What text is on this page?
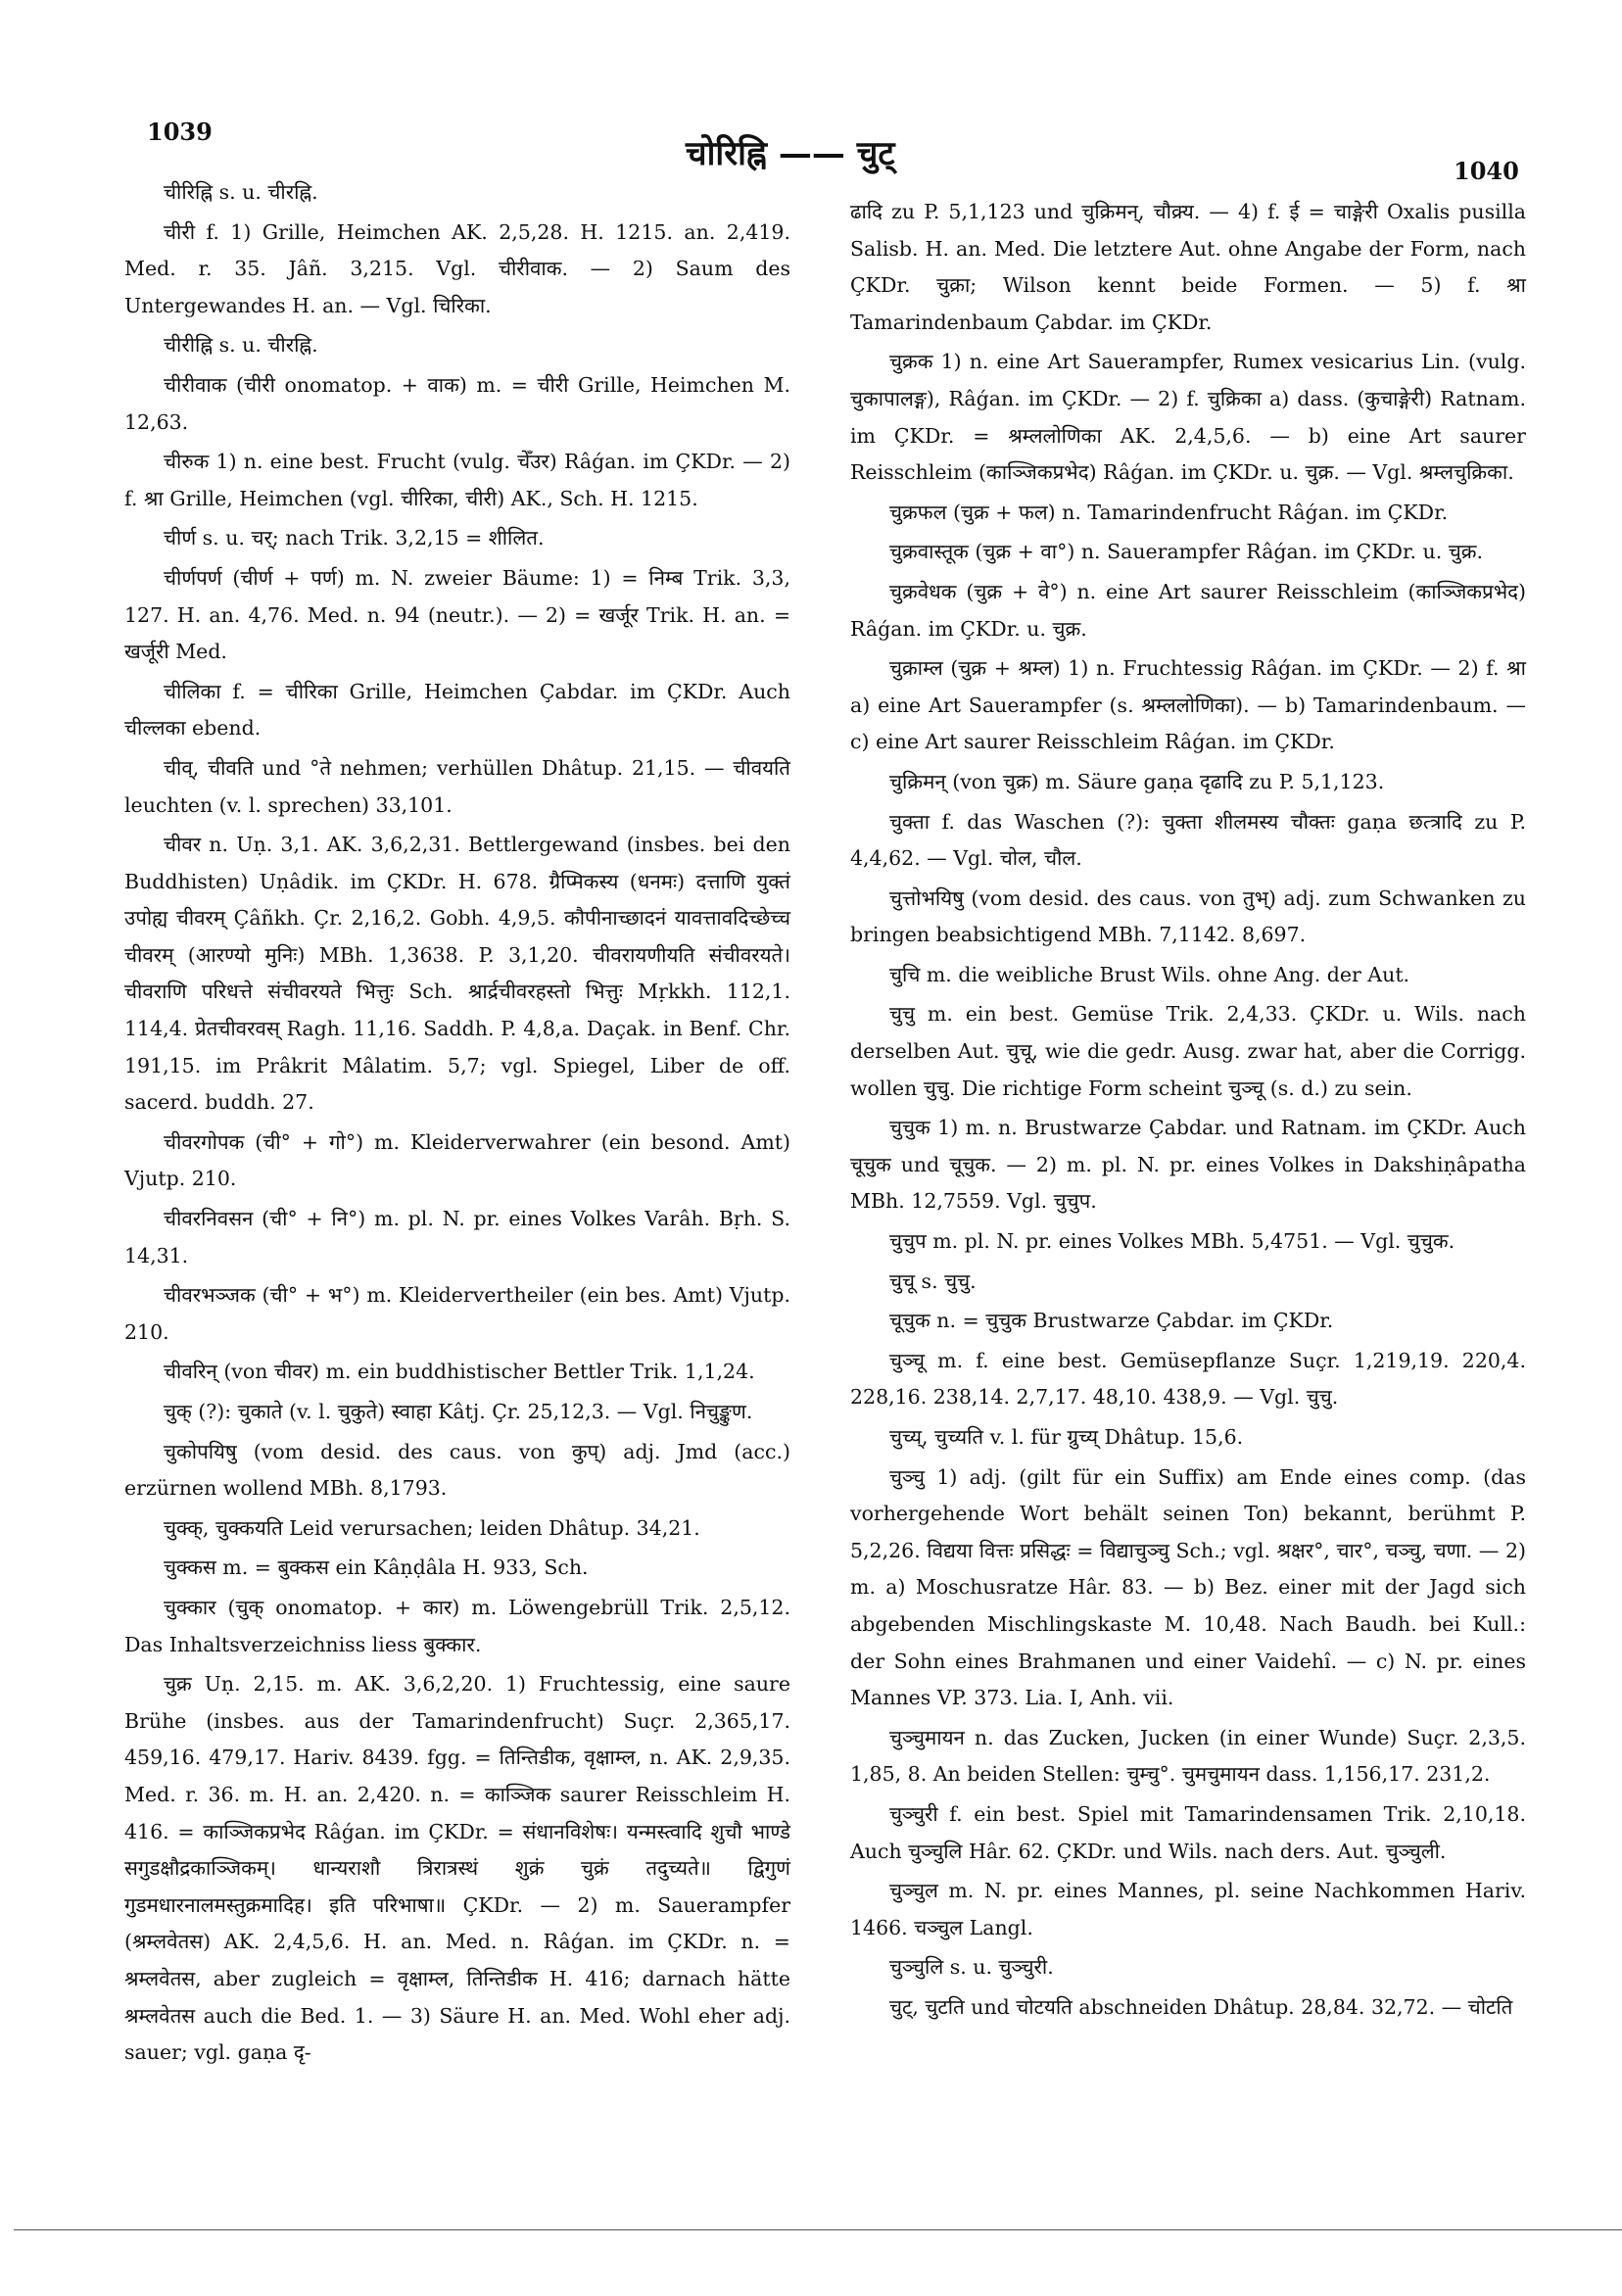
1039
चोरिह्नि —— चुट्	1040

चीरिह्नि s. u. चीरह्नि.

चीरी f. 1) Grille, Heimchen AK. 2,5,28. H. 1215. an. 2,419. Med. r. 35. Jâñ. 3,215. Vgl. चीरीवाक. — 2) Saum des Untergewandes H. an. — Vgl. चिरिका.

चीरीह्नि s. u. चीरह्नि.

चीरीवाक (चीरी onomatop. + वाक) m. = चीरी Grille, Heimchen M. 12,63.

चीरुक 1) n. eine best. Frucht (vulg. चेँउर) Râǵan. im ÇKDr. — 2) f. श्रा Grille, Heimchen (vgl. चीरिका, चीरी) AK., Sch. H. 1215.

चीर्ण s. u. चर्; nach Trik. 3,2,15 = शीलित.

चीर्णपर्ण (चीर्ण + पर्ण) m. N. zweier Bäume: 1) = निम्ब Trik. 3,3, 127. H. an. 4,76. Med. n. 94 (neutr.). — 2) = खर्जूर Trik. H. an. = खर्जूरी Med.

चीलिका f. = चीरिका Grille, Heimchen Çabdar. im ÇKDr. Auch चील्लका ebend.

चीव्, चीवति und °ते nehmen; verhüllen Dhâtup. 21,15. — चीवयति leuchten (v. l. sprechen) 33,101.

चीवर n. Uṇ. 3,1. AK. 3,6,2,31. Bettlergewand (insbes. bei den Buddhisten) Uṇâdik. im ÇKDr. H. 678. ग्रैप्मिकस्य (धनमः) दत्ताणि युक्तं उपोह्य चीवरम् Çâñkh. Çr. 2,16,2. Gobh. 4,9,5. कौपीनाच्छादनं यावत्तावदिच्छेच्च चीवरम् (आरण्यो मुनिः) MBh. 1,3638. P. 3,1,20. चीवरायणीयति संचीवरयते। चीवराणि परिधत्ते संचीवरयते भित्तुः Sch. श्रार्द्रचीवरहस्तो भित्तुः Mṛkkh. 112,1. 114,4. प्रेतचीवरवस् Ragh. 11,16. Saddh. P. 4,8,a. Daçak. in Benf. Chr. 191,15. im Prâkrit Mâlatim. 5,7; vgl. Spiegel, Liber de off. sacerd. buddh. 27.

चीवरगोपक (ची° + गो°) m. Kleiderverwahrer (ein besond. Amt) Vjutp. 210.

चीवरनिवसन (ची° + नि°) m. pl. N. pr. eines Volkes Varâh. Bṛh. S. 14,31.

चीवरभञ्जक (ची° + भ°) m. Kleidervertheiler (ein bes. Amt) Vjutp. 210.

चीवरिन् (von चीवर) m. ein buddhistischer Bettler Trik. 1,1,24.

चुक् (?): चुकाते (v. l. चुकुते) स्वाहा Kâtj. Çr. 25,12,3. — Vgl. निचुङ्कुण.

चुकोपयिषु (vom desid. des caus. von कुप्) adj. Jmd (acc.) erzürnen wollend MBh. 8,1793.

चुक्क्, चुक्कयति Leid verursachen; leiden Dhâtup. 34,21.

चुक्कस m. = बुक्कस ein Kâṇḍâla H. 933, Sch.

चुक्कार (चुक् onomatop. + कार) m. Löwengebrüll Trik. 2,5,12. Das Inhaltsverzeichniss liess बुक्कार.

चुक्र Uṇ. 2,15. m. AK. 3,6,2,20. 1) Fruchtessig, eine saure Brühe (insbes. aus der Tamarindenfrucht) Suçr. 2,365,17. 459,16. 479,17. Hariv. 8439. fgg. = तिन्तिडीक, वृक्षाम्ल, n. AK. 2,9,35. Med. r. 36. m. H. an. 2,420. n. = काञ्जिक saurer Reisschleim H. 416. = काञ्जिकप्रभेद Râǵan. im ÇKDr. = संधानविशेषः। यन्मस्त्वादि शुचौ भाण्डे सगुडक्षौद्रकाञ्जिकम्। धान्यराशौ त्रिरात्रस्थं शुक्रं चुक्रं तदुच्यते॥ द्विगुणं गुडमधारनालमस्तुक्रमादिह। इति परिभाषा॥ ÇKDr. — 2) m. Sauerampfer (श्रम्लवेतस) AK. 2,4,5,6. H. an. Med. n. Râǵan. im ÇKDr. n. = श्रम्लवेतस, aber zugleich = वृक्षाम्ल, तिन्तिडीक H. 416; darnach hätte श्रम्लवेतस auch die Bed. 1. — 3) Säure H. an. Med. Wohl eher adj. sauer; vgl. gaṇa दृ-

ढादि zu P. 5,1,123 und चुक्रिमन्, चौक्र्य. — 4) f. ई = चाङ्गेरी Oxalis pusilla Salisb. H. an. Med. Die letztere Aut. ohne Angabe der Form, nach ÇKDr. चुक्रा; Wilson kennt beide Formen. — 5) f. श्रा Tamarindenbaum Çabdar. im ÇKDr.

चुक्रक 1) n. eine Art Sauerampfer, Rumex vesicarius Lin. (vulg. चुकापालङ्ग), Râǵan. im ÇKDr. — 2) f. चुक्रिका a) dass. (कुचाङ्गेरी) Ratnam. im ÇKDr. = श्रम्ललोणिका AK. 2,4,5,6. — b) eine Art saurer Reisschleim (काञ्जिकप्रभेद) Râǵan. im ÇKDr. u. चुक्र. — Vgl. श्रम्लचुक्रिका.

चुक्रफल (चुक्र + फल) n. Tamarindenfrucht Râǵan. im ÇKDr.

चुक्रवास्तूक (चुक्र + वा°) n. Sauerampfer Râǵan. im ÇKDr. u. चुक्र.

चुक्रवेधक (चुक्र + वे°) n. eine Art saurer Reisschleim (काञ्जिकप्रभेद) Râǵan. im ÇKDr. u. चुक्र.

चुक्राम्ल (चुक्र + श्रम्ल) 1) n. Fruchtessig Râǵan. im ÇKDr. — 2) f. श्रा a) eine Art Sauerampfer (s. श्रम्ललोणिका). — b) Tamarindenbaum. — c) eine Art saurer Reisschleim Râǵan. im ÇKDr.

चुक्रिमन् (von चुक्र) m. Säure gaṇa दृढादि zu P. 5,1,123.

चुक्ता f. das Waschen (?): चुक्ता शीलमस्य चौक्तः gaṇa छत्त्रादि zu P. 4,4,62. — Vgl. चोल, चौल.

चुत्तोभयिषु (vom desid. des caus. von तुभ्) adj. zum Schwanken zu bringen beabsichtigend MBh. 7,1142. 8,697.

चुचि m. die weibliche Brust Wils. ohne Ang. der Aut.

चुचु m. ein best. Gemüse Trik. 2,4,33. ÇKDr. u. Wils. nach derselben Aut. चुचू, wie die gedr. Ausg. zwar hat, aber die Corrigg. wollen चुचु. Die richtige Form scheint चुञ्चू (s. d.) zu sein.

चुचुक 1) m. n. Brustwarze Çabdar. und Ratnam. im ÇKDr. Auch चूचुक und चूचुक. — 2) m. pl. N. pr. eines Volkes in Dakshiṇâpatha MBh. 12,7559. Vgl. चुचुप.

चुचुप m. pl. N. pr. eines Volkes MBh. 5,4751. — Vgl. चुचुक.

चुचू s. चुचु.

चूचुक n. = चुचुक Brustwarze Çabdar. im ÇKDr.

चुञ्चू m. f. eine best. Gemüsepflanze Suçr. 1,219,19. 220,4. 228,16. 238,14. 2,7,17. 48,10. 438,9. — Vgl. चुचु.

चुच्य्, चुच्यति v. l. für ग्रुच्य् Dhâtup. 15,6.

चुञ्चु 1) adj. (gilt für ein Suffix) am Ende eines comp. (das vorhergehende Wort behält seinen Ton) bekannt, berühmt P. 5,2,26. विद्यया वित्तः प्रसिद्धः = विद्याचुञ्चु Sch.; vgl. श्रक्षर°, चार°, चञ्चु, चणा. — 2) m. a) Moschusratze Hâr. 83. — b) Bez. einer mit der Jagd sich abgebenden Mischlingskaste M. 10,48. Nach Baudh. bei Kull.: der Sohn eines Brahmanen und einer Vaidehî. — c) N. pr. eines Mannes VP. 373. Lia. I, Anh. vii.

चुञ्चुमायन n. das Zucken, Jucken (in einer Wunde) Suçr. 2,3,5. 1,85, 8. An beiden Stellen: चुम्चु°. चुमचुमायन dass. 1,156,17. 231,2.

चुञ्चुरी f. ein best. Spiel mit Tamarindensamen Trik. 2,10,18. Auch चुञ्चुलि Hâr. 62. ÇKDr. und Wils. nach ders. Aut. चुञ्चुली.

चुञ्चुल m. N. pr. eines Mannes, pl. seine Nachkommen Hariv. 1466. चञ्चुल Langl.

चुञ्चुलि s. u. चुञ्चुरी.

चुट्, चुटति und चोटयति abschneiden Dhâtup. 28,84. 32,72. — चोटति
